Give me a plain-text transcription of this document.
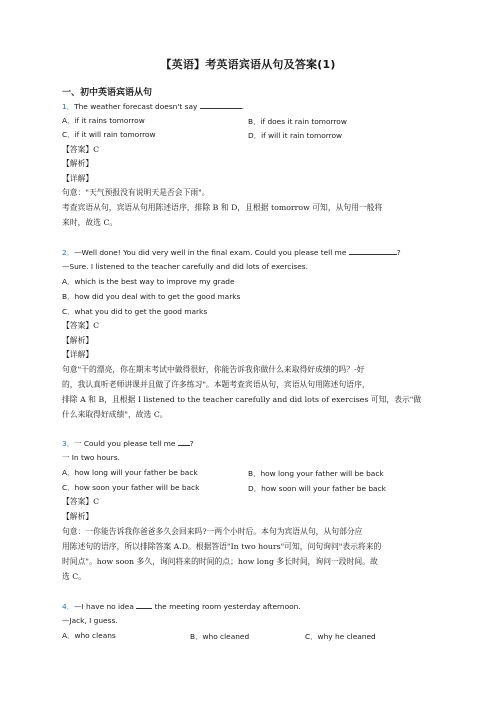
【英语】考英语宾语从句及答案(1)
一、初中英语宾语从句
1．The weather forecast doesn't say	.
A．if it rains tomorrow	B．if does it rain tomorrow
C．if it will rain tomorrow	D．if will it rain tomorrow
【答案】C
【解析】
【详解】
句意："天气预报没有说明天是否会下雨"。
考查宾语从句，宾语从句用陈述语序，排除 B 和 D，且根据 tomorrow 可知，从句用一般将
来时，故选 C。
2．—Well done! You did very well in the final exam. Could you please tell me	?
—Sure. I listened to the teacher carefully and did lots of exercises.
A．which is the best way to improve my grade
B．how did you deal with to get the good marks
C．what you did to get the good marks
【答案】C
【解析】
【详解】
句意"干的漂亮，你在期末考试中做得很好，你能告诉我你做什么来取得好成绩的吗？-好
的，我认真听老师讲课并且做了许多练习"。本题考查宾语从句，宾语从句用陈述句语序，
排除 A 和 B，且根据 I listened to the teacher carefully and did lots of exercises 可知，表示"做
什么来取得好成绩"，故选 C。
3．一 Could you please tell me ?
一 In two hours.
A．how long will your father be back	B．how long your father will be back
C．how soon your father will be back	D．how soon will your father be back
【答案】C
【解析】
句意：一你能告诉我你爸爸多久会回来吗?一两个小时后。本句为宾语从句，从句部分应
用陈述句的语序，所以排除答案 A.D。根据答语"In two hours"可知，问句询问"表示将来的
时间点"。how soon 多久，询问将来的时间的点；how long 多长时间，询问一段时间。故
选 C。
4．—I have no idea	the meeting room yesterday afternoon.
—Jack, I guess.
A．who cleans	B．who cleaned	C．why he cleaned
